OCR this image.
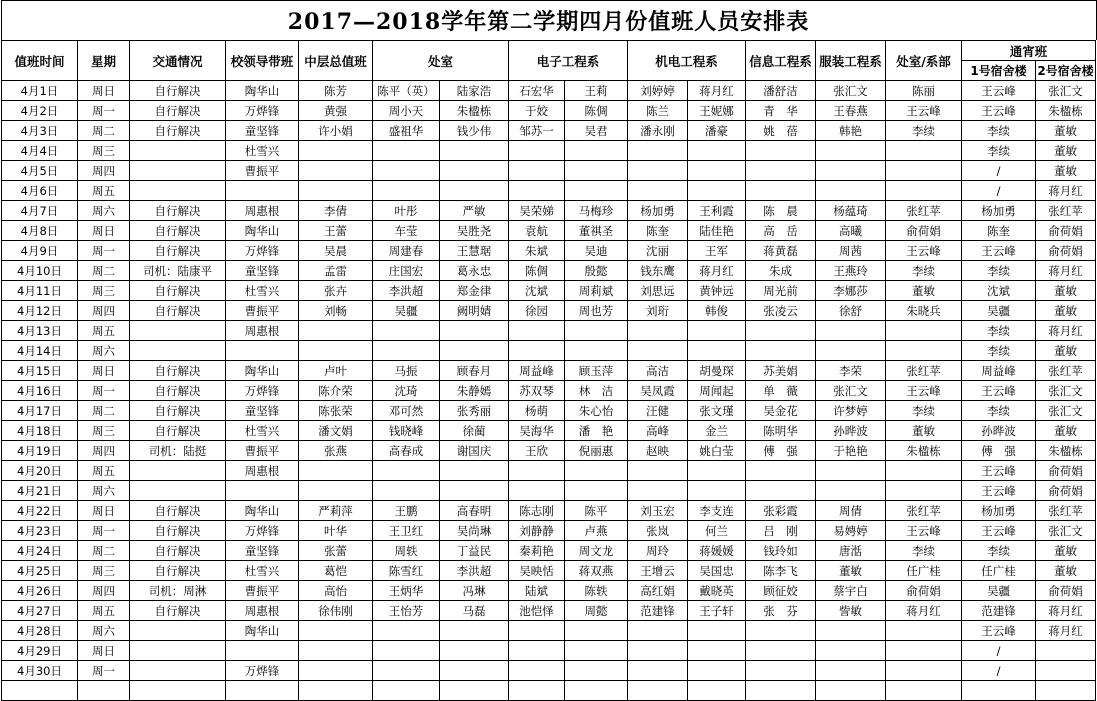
2017—2018学年第二学期四月份值班人员安排表
值班时间	星期	交通情况	校领导带班	中层总值班	处室		电子工程系		机电工程系		信息工程系	服装工程系	处室/系部	通宵班	
														1号宿舍楼	2号宿舍楼
4月1日	周日	自行解决	陶华山	陈芳	陈平（英）	陆家浩	石宏华	王莉	刘婷婷	蒋月红	潘舒洁	张汇文	陈丽	王云峰	张汇文
4月2日	周一	自行解决	万烨锋	黄强	周小天	朱楹栋	于姣	陈倜	陈兰	王妮娜	青　华	王春燕	王云峰	王云峰	朱楹栋
4月3日	周二	自行解决	童坚锋	许小娟	盛祖华	钱少伟	邹苏一	吴君	潘永刚	潘豪	姚　蓓	韩艳	李续	李续	董敏
4月4日	周三		杜雪兴											李续	董敏
4月5日	周四		曹振平											/	董敏
4月6日	周五													/	蒋月红
4月7日	周六	自行解决	周惠根	李倩	叶彤	严敏	吴荣娣	马梅珍	杨加勇	王利霞	陈　晨	杨蕴琦	张红苹	杨加勇	张红苹
4月8日	周日	自行解决	陶华山	王蕾	车莹	吴胜尧	袁航	董祺圣	陈奎	陆佳艳	高　岳	高曦	俞荷娟	陈奎	俞荷娟
4月9日	周一	自行解决	万烨锋	吴晨	周建春	王慧琚	朱斌	吴迪	沈丽	王军	蒋黄磊	周茜	王云峰	王云峰	俞荷娟
4月10日	周二	司机：陆康平	童坚锋	孟雷	庄国宏	葛永忠	陈倜	殷懿	钱东鹰	蒋月红	朱成	王燕玲	李续	李续	蒋月红
4月11日	周三	自行解决	杜雪兴	张卉	李洪超	郑金律	沈斌	周莉斌	刘思远	黄钟远	周光前	李娜莎	董敏	沈斌	董敏
4月12日	周四	自行解决	曹振平	刘畅	吴疆	阙明婧	徐园	周也芳	刘珩	韩俊	张凌云	徐舒	朱晓兵	吴疆	董敏
4月13日	周五		周惠根											李续	蒋月红
4月14日	周六													李续	董敏
4月15日	周日	自行解决	陶华山	卢叶	马振	顾春月	周益峰	顾玉萍	高洁	胡曼琛	苏美娟	李荣	张红苹	周益峰	张红苹
4月16日	周一	自行解决	万烨锋	陈介荣	沈琦	朱静嫣	苏双琴	林　洁	吴凤霞	周闻起	单　薇	张汇文	王云峰	王云峰	张汇文
4月17日	周二	自行解决	童坚锋	陈张荣	邓可然	张秀丽	杨萌	朱心怡	汪健	张文瑾	吴金花	许梦婷	李续	李续	张汇文
4月18日	周三	自行解决	杜雪兴	潘文娟	钱晓峰	徐蔺	吴海华	潘　艳	高峰	金兰	陈明华	孙晔波	董敏	孙晔波	董敏
4月19日	周四	司机：陆挺	曹振平	张燕	高春成	谢国庆	王欣	倪丽惠	赵映	姚白莹	傅　强	于艳艳	朱楹栋	傅　强	朱楹栋
4月20日	周五		周惠根											王云峰	俞荷娟
4月21日	周六													王云峰	俞荷娟
4月22日	周日	自行解决	陶华山	严莉萍	王鹏	高春明	陈志刚	陈平	刘玉宏	李支连	张彩霞	周倩	张红苹	杨加勇	张红苹
4月23日	周一	自行解决	万烨锋	叶华	王卫红	吴尚琳	刘静静	卢燕	张岚	何兰	吕　刚	易娉婷	王云峰	王云峰	张汇文
4月24日	周二	自行解决	童坚锋	张蕾	周轶	丁益民	秦莉艳	周文龙	周玲	蒋媛媛	钱玲如	唐湉	李续	李续	董敏
4月25日	周三	自行解决	杜雪兴	葛恺	陈雪红	李洪超	吴映恬	蒋双燕	王增云	吴国忠	陈李飞	董敏	任广桂	任广桂	董敏
4月26日	周四	司机：周淋	曹振平	高怡	王炳华	冯琳	陆斌	陈轶	高红娟	戴晓英	顾征姣	蔡宇白	俞荷娟	吴疆	俞荷娟
4月27日	周五	自行解决	周惠根	徐伟刚	王怡芳	马磊	池恺怿	周懿	范建锋	王子轩	张　芬	訾敏	蒋月红	范建锋	蒋月红
4月28日	周六		陶华山											王云峰	蒋月红
4月29日	周日													/	
4月30日	周一		万烨锋											/	
